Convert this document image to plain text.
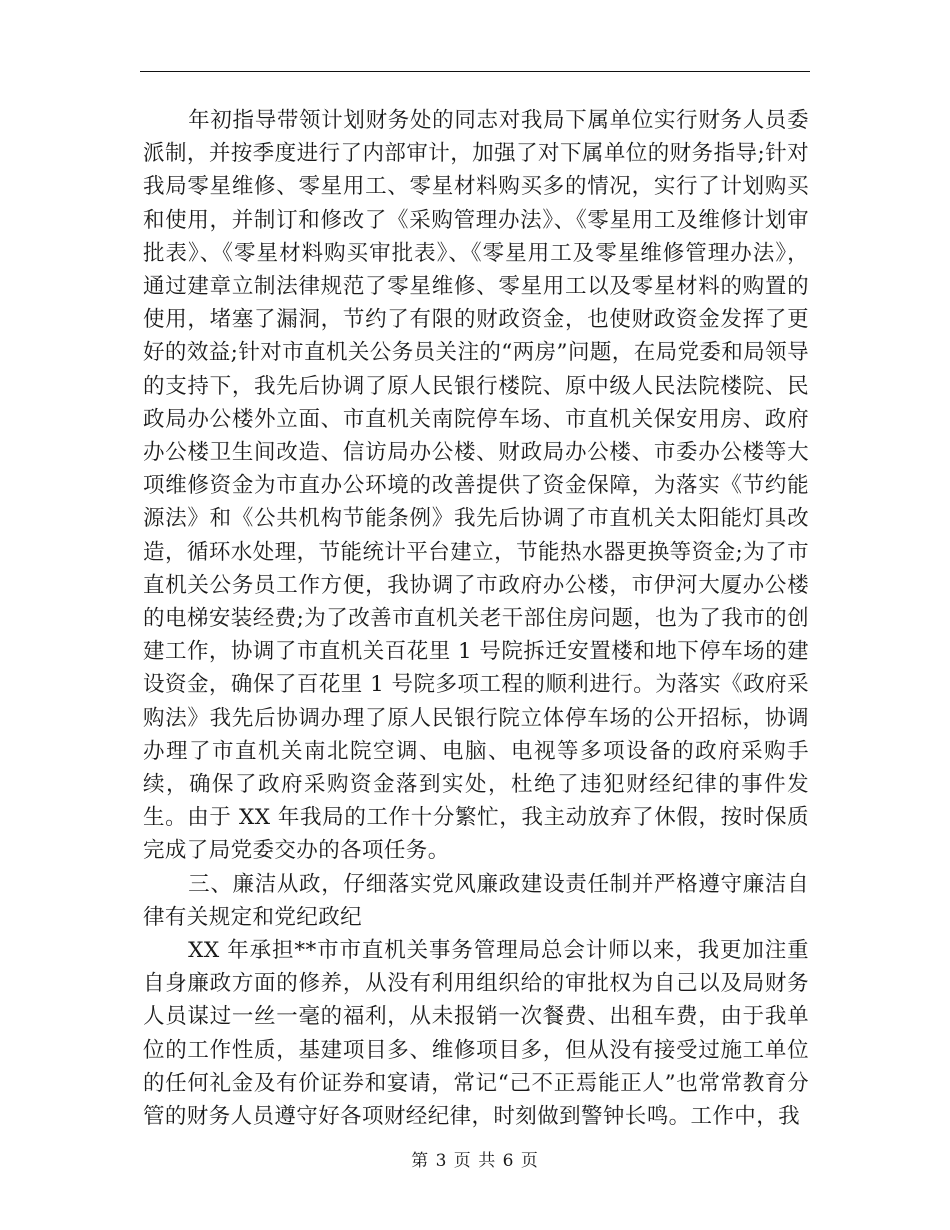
年初指导带领计划财务处的同志对我局下属单位实行财务人员委派制，并按季度进行了内部审计，加强了对下属单位的财务指导;针对我局零星维修、零星用工、零星材料购买多的情况，实行了计划购买和使用，并制订和修改了《采购管理办法》、《零星用工及维修计划审批表》、《零星材料购买审批表》、《零星用工及零星维修管理办法》，通过建章立制法律规范了零星维修、零星用工以及零星材料的购置的使用，堵塞了漏洞，节约了有限的财政资金，也使财政资金发挥了更好的效益;针对市直机关公务员关注的“两房”问题，在局党委和局领导的支持下，我先后协调了原人民银行楼院、原中级人民法院楼院、民政局办公楼外立面、市直机关南院停车场、市直机关保安用房、政府办公楼卫生间改造、信访局办公楼、财政局办公楼、市委办公楼等大项维修资金为市直办公环境的改善提供了资金保障，为落实《节约能源法》和《公共机构节能条例》我先后协调了市直机关太阳能灯具改造，循环水处理，节能统计平台建立，节能热水器更换等资金;为了市直机关公务员工作方便，我协调了市政府办公楼，市伊河大厦办公楼的电梯安装经费;为了改善市直机关老干部住房问题，也为了我市的创建工作，协调了市直机关百花里 1 号院拆迁安置楼和地下停车场的建设资金，确保了百花里 1 号院多项工程的顺利进行。为落实《政府采购法》我先后协调办理了原人民银行院立体停车场的公开招标，协调办理了市直机关南北院空调、电脑、电视等多项设备的政府采购手续，确保了政府采购资金落到实处，杜绝了违犯财经纪律的事件发生。由于 XX 年我局的工作十分繁忙，我主动放弃了休假，按时保质完成了局党委交办的各项任务。

三、廉洁从政，仔细落实党风廉政建设责任制并严格遵守廉洁自律有关规定和党纪政纪

XX 年承担**市市直机关事务管理局总会计师以来，我更加注重自身廉政方面的修养，从没有利用组织给的审批权为自己以及局财务人员谋过一丝一毫的福利，从未报销一次餐费、出租车费，由于我单位的工作性质，基建项目多、维修项目多，但从没有接受过施工单位的任何礼金及有价证券和宴请，常记“己不正焉能正人”也常常教育分管的财务人员遵守好各项财经纪律，时刻做到警钟长鸣。工作中，我

第 3 页 共 6 页
